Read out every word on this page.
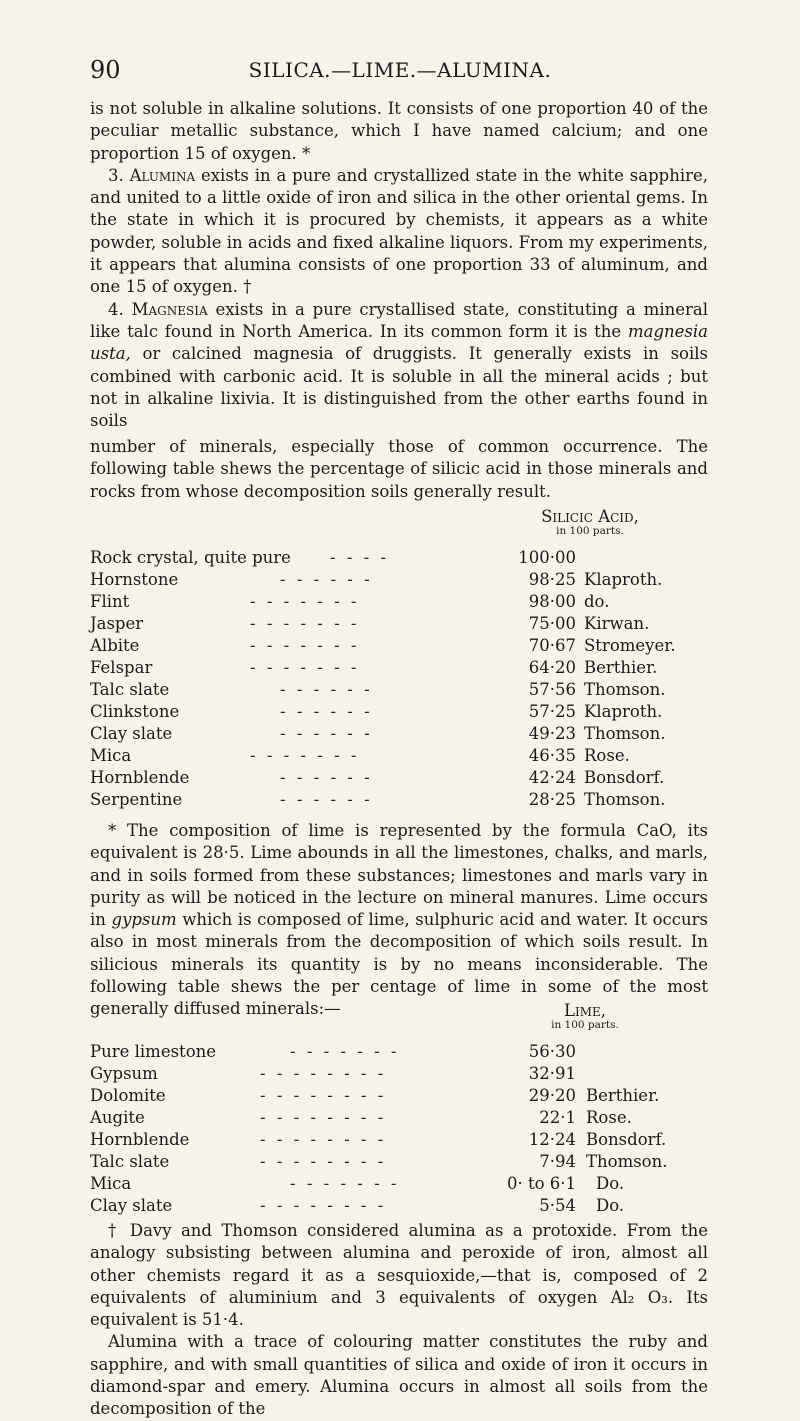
90	SILICA.—LIME.—ALUMINA.

is not soluble in alkaline solutions. It consists of one proportion 40 of the peculiar metallic substance, which I have named calcium; and one proportion 15 of oxygen. *

3. Alumina exists in a pure and crystallized state in the white sapphire, and united to a little oxide of iron and silica in the other oriental gems. In the state in which it is procured by chemists, it appears as a white powder, soluble in acids and fixed alkaline liquors. From my experiments, it appears that alumina consists of one proportion 33 of aluminum, and one 15 of oxygen. †

4. Magnesia exists in a pure crystallised state, constituting a mineral like talc found in North America. In its common form it is the magnesia usta, or calcined magnesia of druggists. It generally exists in soils combined with carbonic acid. It is soluble in all the mineral acids ; but not in alkaline lixivia. It is distinguished from the other earths found in soils

number of minerals, especially those of common occurrence. The following table shews the percentage of silicic acid in those minerals and rocks from whose decomposition soils generally result.

Silicic Acid,
in 100 parts.
Rock crystal, quite pure - - - -	100·00
Hornstone	- - - - - -	98·25 Klaproth.
Flint	- - - - - - -	98·00 do.
Jasper	- - - - - - -	75·00 Kirwan.
Albite	- - - - - - -	70·67 Stromeyer.
Felspar	- - - - - - -	64·20 Berthier.
Talc slate	- - - - - -	57·56 Thomson.
Clinkstone	- - - - - -	57·25 Klaproth.
Clay slate	- - - - - -	49·23 Thomson.
Mica	- - - - - - -	46·35 Rose.
Hornblende	- - - - - -	42·24 Bonsdorf.
Serpentine	- - - - - -	28·25 Thomson.

* The composition of lime is represented by the formula CaO, its equivalent is 28·5. Lime abounds in all the limestones, chalks, and marls, and in soils formed from these substances; limestones and marls vary in purity as will be noticed in the lecture on mineral manures. Lime occurs in gypsum which is composed of lime, sulphuric acid and water. It occurs also in most minerals from the decomposition of which soils result. In silicious minerals its quantity is by no means inconsiderable. The following table shews the per centage of lime in some of the most generally diffused minerals:—	Lime,
in 100 parts.
Pure limestone	- - - - - - -	56·30
Gypsum	- - - - - - - -	32·91
Dolomite	- - - - - - - -	29·20 Berthier.
Augite	- - - - - - - -	22·1 Rose.
Hornblende	- - - - - - - -	12·24 Bonsdorf.
Talc slate	- - - - - - - -	7·94 Thomson.
Mica	- - - - - - -	0· to 6·1 Do.
Clay slate	- - - - - - - -	5·54 Do.

† Davy and Thomson considered alumina as a protoxide. From the analogy subsisting between alumina and peroxide of iron, almost all other chemists regard it as a sesquioxide,—that is, composed of 2 equivalents of aluminium and 3 equivalents of oxygen Al₂ O₃. Its equivalent is 51·4.

Alumina with a trace of colouring matter constitutes the ruby and sapphire, and with small quantities of silica and oxide of iron it occurs in diamond-spar and emery. Alumina occurs in almost all soils from the decomposition of the
